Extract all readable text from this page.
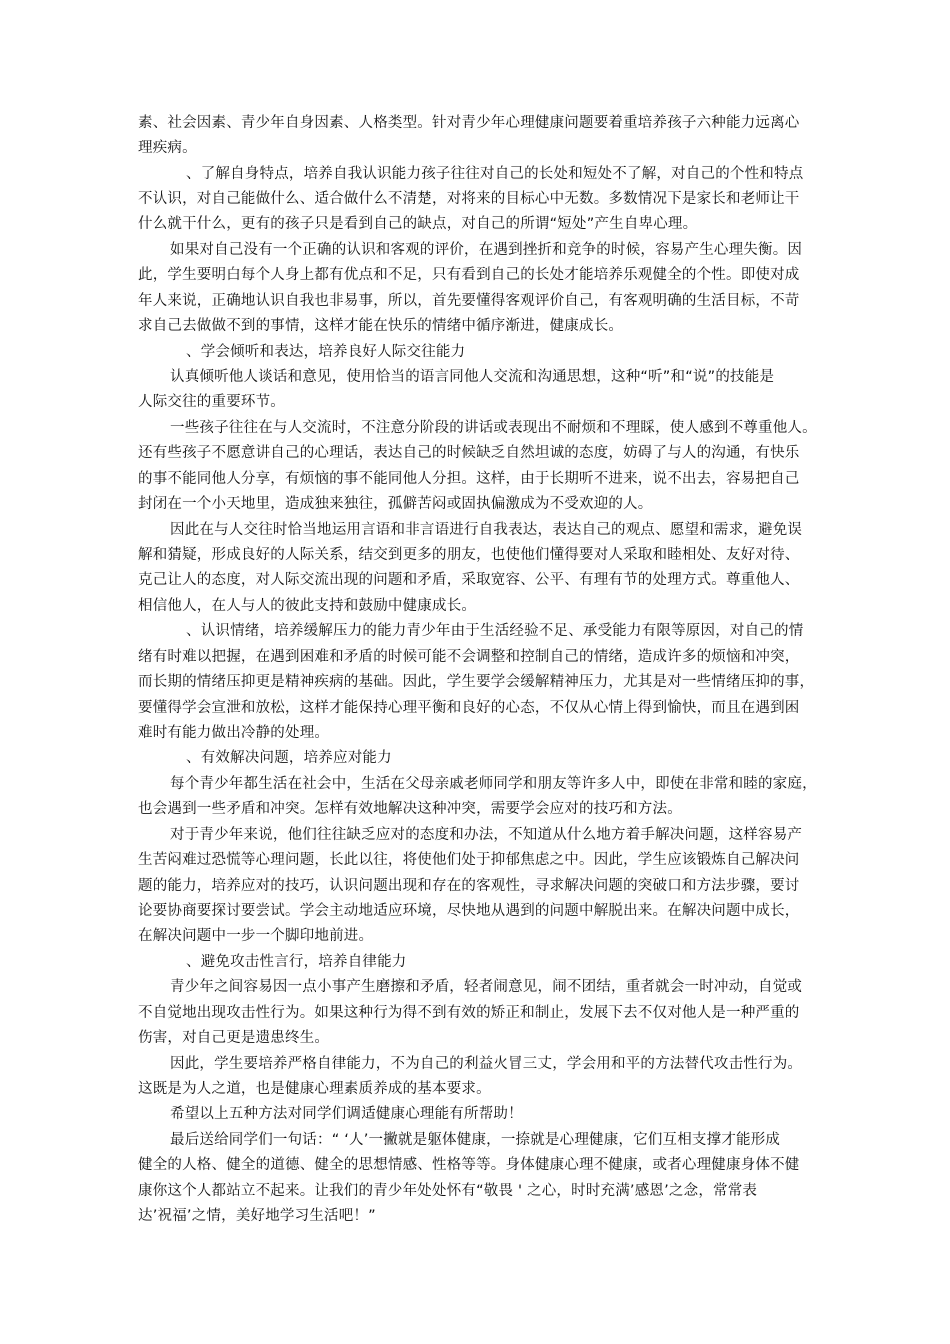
素、社会因素、青少年自身因素、人格类型。针对青少年心理健康问题要着重培养孩子六种能力远离心
理疾病。
、了解自身特点，培养自我认识能力孩子往往对自己的长处和短处不了解，对自己的个性和特点
不认识，对自己能做什么、适合做什么不清楚，对将来的目标心中无数。多数情况下是家长和老师让干
什么就干什么，更有的孩子只是看到自己的缺点，对自己的所谓“短处”产生自卑心理。
如果对自己没有一个正确的认识和客观的评价，在遇到挫折和竞争的时候，容易产生心理失衡。因
此，学生要明白每个人身上都有优点和不足，只有看到自己的长处才能培养乐观健全的个性。即使对成
年人来说，正确地认识自我也非易事，所以，首先要懂得客观评价自己，有客观明确的生活目标，不苛
求自己去做做不到的事情，这样才能在快乐的情绪中循序渐进，健康成长。
、学会倾听和表达，培养良好人际交往能力
认真倾听他人谈话和意见，使用恰当的语言同他人交流和沟通思想，这种“听”和“说”的技能是
人际交往的重要环节。
一些孩子往往在与人交流时，不注意分阶段的讲话或表现出不耐烦和不理睬，使人感到不尊重他人。
还有些孩子不愿意讲自己的心理话，表达自己的时候缺乏自然坦诚的态度，妨碍了与人的沟通，有快乐
的事不能同他人分享，有烦恼的事不能同他人分担。这样，由于长期听不进来，说不出去，容易把自己
封闭在一个小天地里，造成独来独往，孤僻苦闷或固执偏激成为不受欢迎的人。
因此在与人交往时恰当地运用言语和非言语进行自我表达，表达自己的观点、愿望和需求，避免误
解和猜疑，形成良好的人际关系，结交到更多的朋友，也使他们懂得要对人采取和睦相处、友好对待、
克己让人的态度，对人际交流出现的问题和矛盾，采取宽容、公平、有理有节的处理方式。尊重他人、
相信他人，在人与人的彼此支持和鼓励中健康成长。
、认识情绪，培养缓解压力的能力青少年由于生活经验不足、承受能力有限等原因，对自己的情
绪有时难以把握，在遇到困难和矛盾的时候可能不会调整和控制自己的情绪，造成许多的烦恼和冲突，
而长期的情绪压抑更是精神疾病的基础。因此，学生要学会缓解精神压力，尤其是对一些情绪压抑的事，
要懂得学会宣泄和放松，这样才能保持心理平衡和良好的心态，不仅从心情上得到愉快，而且在遇到困
难时有能力做出冷静的处理。
、有效解决问题，培养应对能力
每个青少年都生活在社会中，生活在父母亲戚老师同学和朋友等许多人中，即使在非常和睦的家庭，
也会遇到一些矛盾和冲突。怎样有效地解决这种冲突，需要学会应对的技巧和方法。
对于青少年来说，他们往往缺乏应对的态度和办法，不知道从什么地方着手解决问题，这样容易产
生苦闷难过恐慌等心理问题，长此以往，将使他们处于抑郁焦虑之中。因此，学生应该锻炼自己解决问
题的能力，培养应对的技巧，认识问题出现和存在的客观性，寻求解决问题的突破口和方法步骤，要讨
论要协商要探讨要尝试。学会主动地适应环境，尽快地从遇到的问题中解脱出来。在解决问题中成长，
在解决问题中一步一个脚印地前进。
、避免攻击性言行，培养自律能力
青少年之间容易因一点小事产生磨擦和矛盾，轻者闹意见，闹不团结，重者就会一时冲动，自觉或
不自觉地出现攻击性行为。如果这种行为得不到有效的矫正和制止，发展下去不仅对他人是一种严重的
伤害，对自己更是遗患终生。
因此，学生要培养严格自律能力，不为自己的利益火冒三丈，学会用和平的方法替代攻击性行为。
这既是为人之道，也是健康心理素质养成的基本要求。
希望以上五种方法对同学们调适健康心理能有所帮助！
最后送给同学们一句话：“ ‘人’一撇就是躯体健康，一捺就是心理健康，它们互相支撑才能形成
健全的人格、健全的道德、健全的思想情感、性格等等。身体健康心理不健康，或者心理健康身体不健
康你这个人都站立不起来。让我们的青少年处处怀有“敬畏 ' 之心，时时充满’感恩’之念，常常表
达’祝福’之情，美好地学习生活吧！”
